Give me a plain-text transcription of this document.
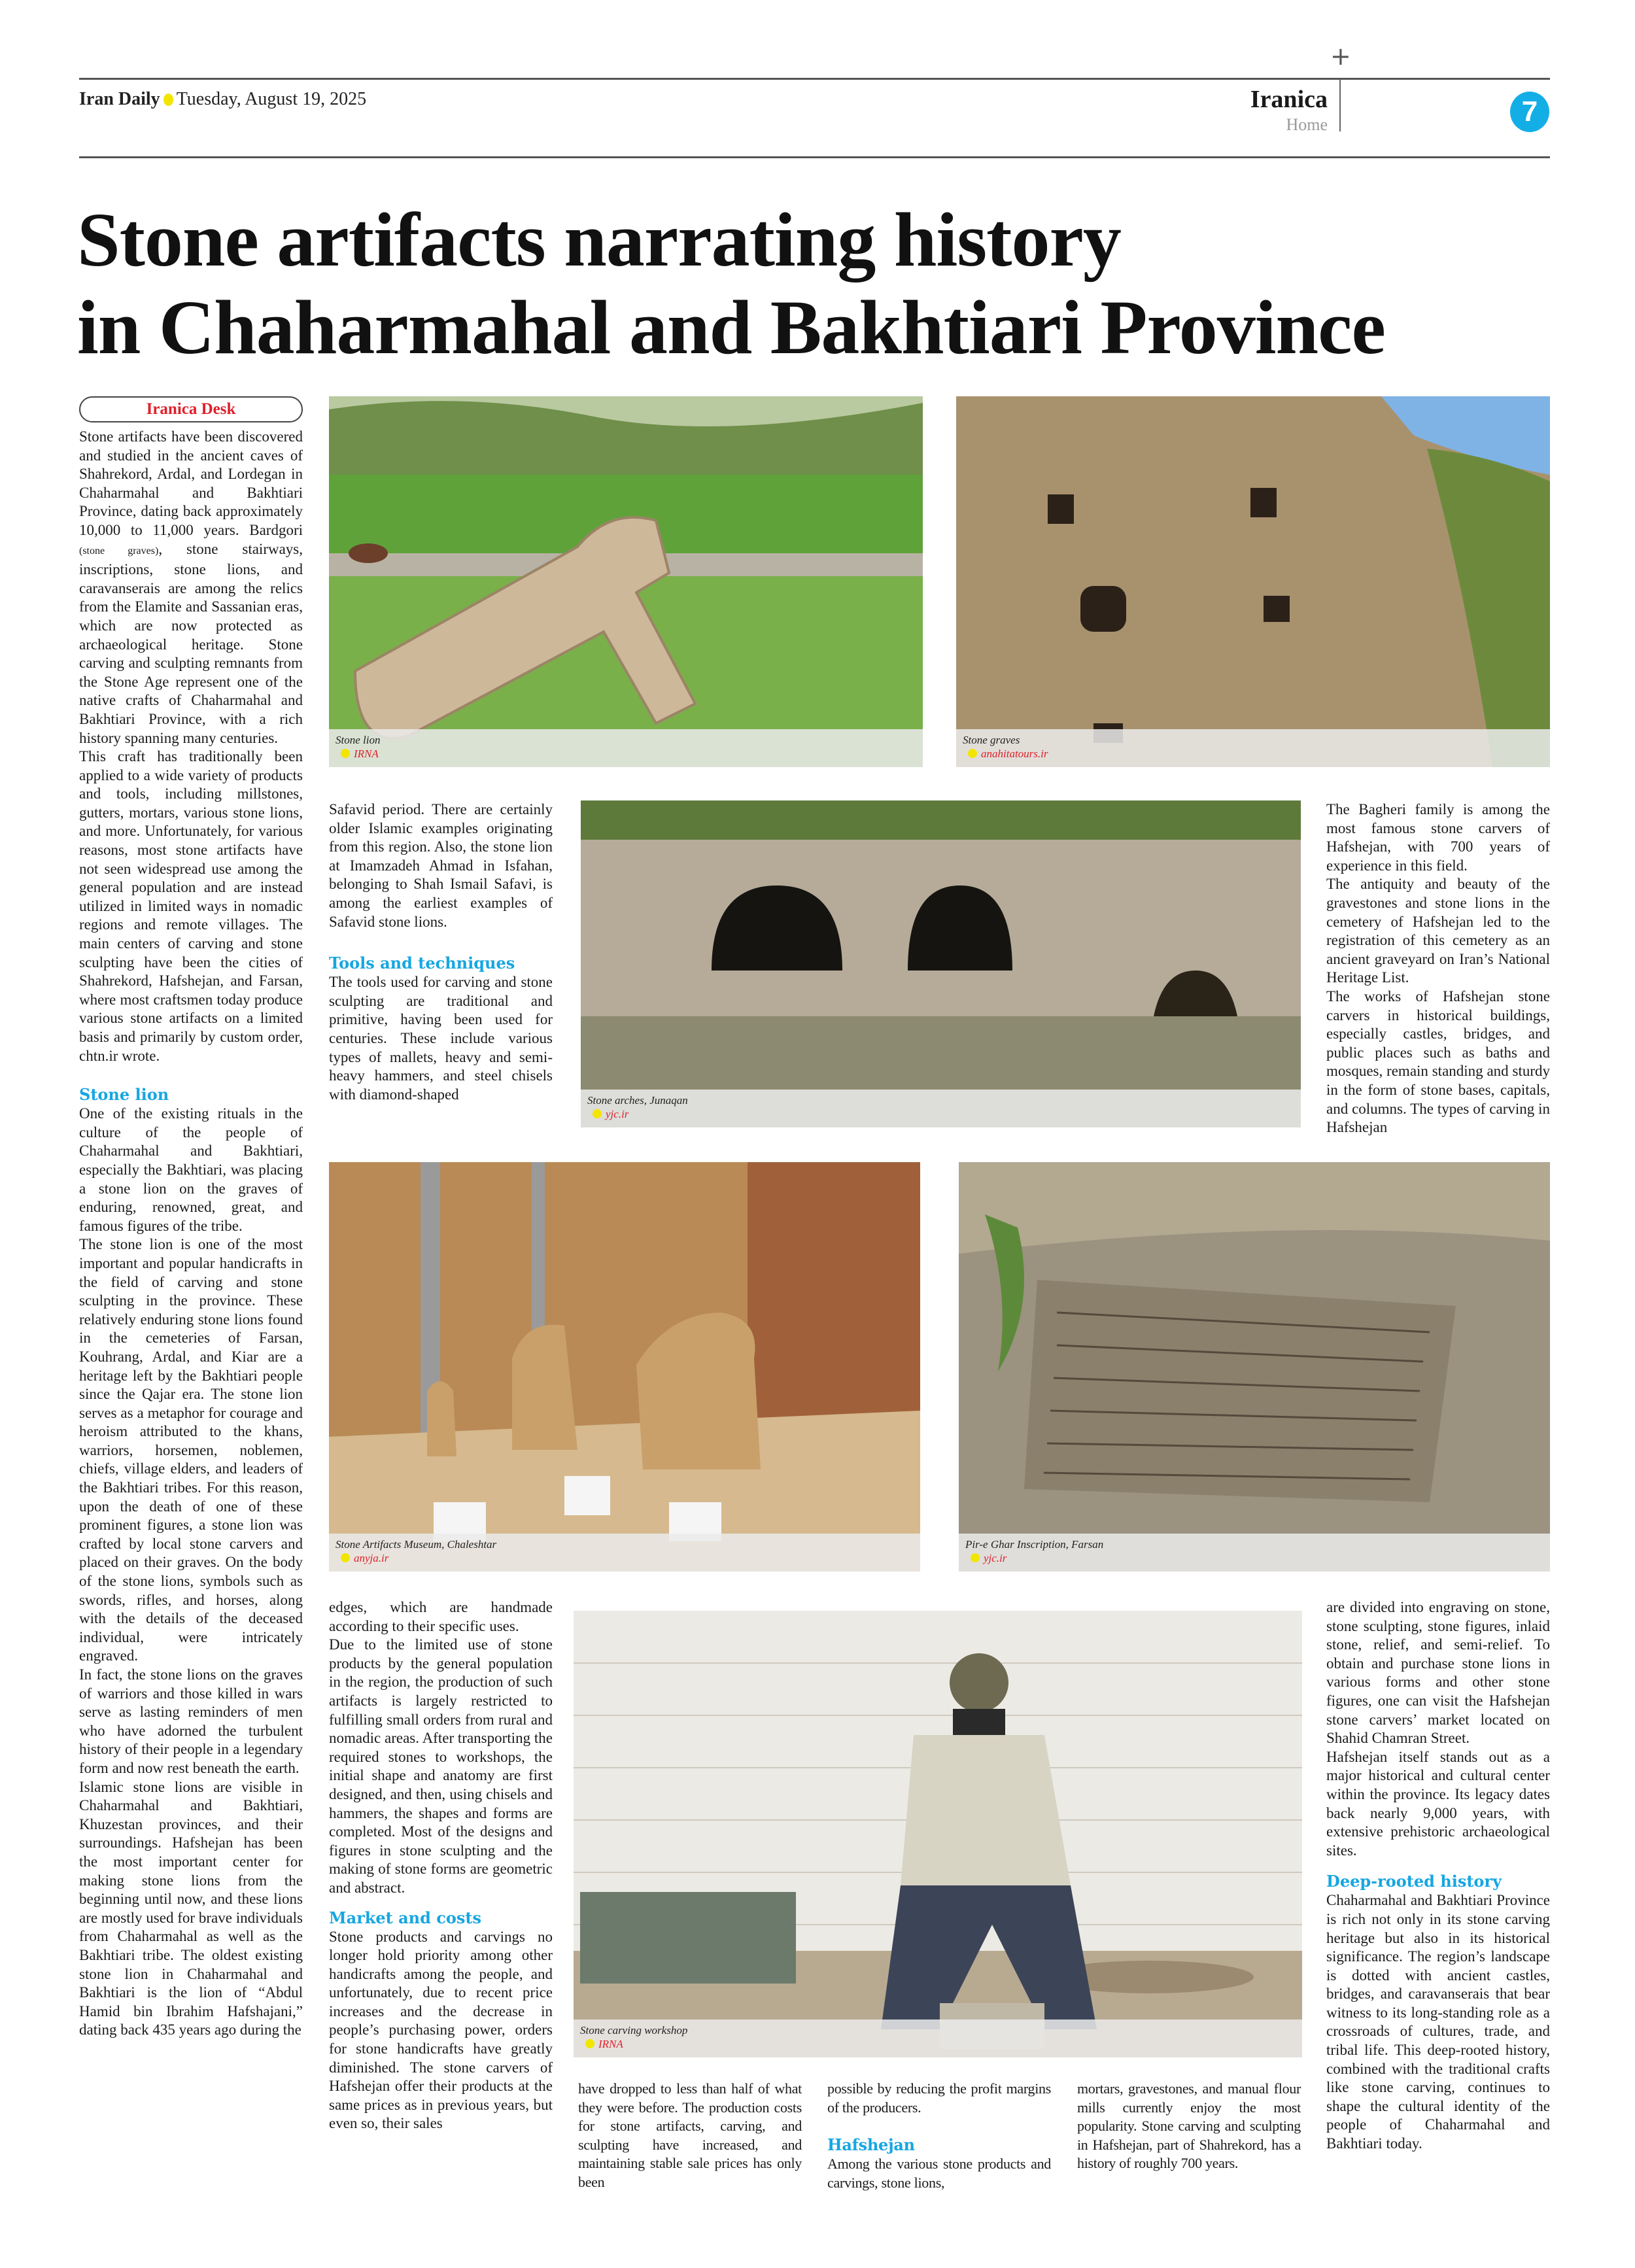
+
Iran Daily Tuesday, August 19, 2025	Iranica
Home	7
Stone artifacts narrating history
in Chaharmahal and Bakhtiari Province
Iranica Desk

Stone artifacts have been discovered and studied in the ancient caves of Shahrekord, Ardal, and Lordegan in Chaharmahal and Bakhtiari Province, dating back approximately 10,000 to 11,000 years. Bardgori (stone graves), stone stairways, inscriptions, stone lions, and caravanserais are among the relics from the Elamite and Sassanian eras, which are now protected as archaeological heritage. Stone carving and sculpting remnants from the Stone Age represent one of the native crafts of Chaharmahal and Bakhtiari Province, with a rich history spanning many centuries.

This craft has traditionally been applied to a wide variety of products and tools, including millstones, gutters, mortars, various stone lions, and more. Unfortunately, for various reasons, most stone artifacts have not seen widespread use among the general population and are instead utilized in limited ways in nomadic regions and remote villages. The main centers of carving and stone sculpting have been the cities of Shahrekord, Hafshejan, and Farsan, where most craftsmen today produce various stone artifacts on a limited basis and primarily by custom order, chtn.ir wrote.

Stone lion

One of the existing rituals in the culture of the people of Chaharmahal and Bakhtiari, especially the Bakhtiari, was placing a stone lion on the graves of enduring, renowned, great, and famous figures of the tribe.

The stone lion is one of the most important and popular handicrafts in the field of carving and stone sculpting in the province. These relatively enduring stone lions found in the cemeteries of Farsan, Kouhrang, Ardal, and Kiar are a heritage left by the Bakhtiari people since the Qajar era. The stone lion serves as a metaphor for courage and heroism attributed to the khans, warriors, horsemen, noblemen, chiefs, village elders, and leaders of the Bakhtiari tribes. For this reason, upon the death of one of these prominent figures, a stone lion was crafted by local stone carvers and placed on their graves. On the body of the stone lions, symbols such as swords, rifles, and horses, along with the details of the deceased individual, were intricately engraved.

In fact, the stone lions on the graves of warriors and those killed in wars serve as lasting reminders of men who have adorned the turbulent history of their people in a legendary form and now rest beneath the earth.

Islamic stone lions are visible in Chaharmahal and Bakhtiari, Khuzestan provinces, and their surroundings. Hafshejan has been the most important center for making stone lions from the beginning until now, and these lions are mostly used for brave individuals from Chaharmahal as well as the Bakhtiari tribe. The oldest existing stone lion in Chaharmahal and Bakhtiari is the lion of “Abdul Hamid bin Ibrahim Hafshajani,” dating back 435 years ago during the

Safavid period. There are certainly older Islamic examples originating from this region. Also, the stone lion at Imamzadeh Ahmad in Isfahan, belonging to Shah Ismail Safavi, is among the earliest examples of Safavid stone lions.

Tools and techniques

The tools used for carving and stone sculpting are traditional and primitive, having been used for centuries. These include various types of mallets, heavy and semi-heavy hammers, and steel chisels with diamond-shaped

edges, which are handmade according to their specific uses.

Due to the limited use of stone products by the general population in the region, the production of such artifacts is largely restricted to fulfilling small orders from rural and nomadic areas. After transporting the required stones to workshops, the initial shape and anatomy are first designed, and then, using chisels and hammers, the shapes and forms are completed. Most of the designs and figures in stone sculpting and the making of stone forms are geometric and abstract.

Market and costs

Stone products and carvings no longer hold priority among other handicrafts among the people, and unfortunately, due to recent price increases and the decrease in people’s purchasing power, orders for stone handicrafts have greatly diminished. The stone carvers of Hafshejan offer their products at the same prices as in previous years, but even so, their sales

have dropped to less than half of what they were before. The production costs for stone artifacts, carving, and sculpting have increased, and maintaining stable sale prices has only been

possible by reducing the profit margins of the producers.

Hafshejan

Among the various stone products and carvings, stone lions,

mortars, gravestones, and manual flour mills currently enjoy the most popularity. Stone carving and sculpting in Hafshejan, part of Shahrekord, has a history of roughly 700 years.

The Bagheri family is among the most famous stone carvers of Hafshejan, with 700 years of experience in this field.

The antiquity and beauty of the gravestones and stone lions in the cemetery of Hafshejan led to the registration of this cemetery as an ancient graveyard on Iran’s National Heritage List.

The works of Hafshejan stone carvers in historical buildings, especially castles, bridges, and public places such as baths and mosques, remain standing and sturdy in the form of stone bases, capitals, and columns. The types of carving in Hafshejan

are divided into engraving on stone, stone sculpting, stone figures, inlaid stone, relief, and semi-relief. To obtain and purchase stone lions in various forms and other stone figures, one can visit the Hafshejan stone carvers’ market located on Shahid Chamran Street.

Hafshejan itself stands out as a major historical and cultural center within the province. Its legacy dates back nearly 9,000 years, with extensive prehistoric archaeological sites.

Deep-rooted history

Chaharmahal and Bakhtiari Province is rich not only in its stone carving heritage but also in its historical significance. The region’s landscape is dotted with ancient castles, bridges, and caravanserais that bear witness to its long-standing role as a crossroads of cultures, trade, and tribal life. This deep-rooted history, combined with the traditional crafts like stone carving, continues to shape the cultural identity of the people of Chaharmahal and Bakhtiari today.

Stone lion
IRNA
Stone graves
anahitatours.ir
Stone arches, Junaqan
yjc.ir
Stone Artifacts Museum, Chaleshtar
anyja.ir
Pir-e Ghar Inscription, Farsan
yjc.ir
Stone carving workshop
IRNA
